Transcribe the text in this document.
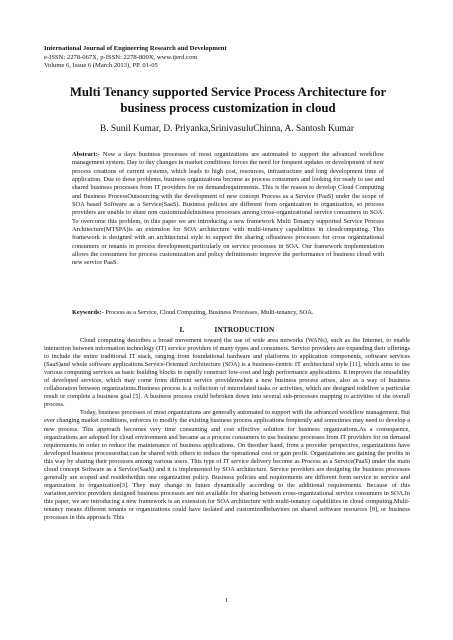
International Journal of Engineering Research and Development
e-ISSN: 2278-067X, p-ISSN: 2278-800X, www.ijerd.com
Volume 6, Issue 6 (March 2013), PP. 01-05
Multi Tenancy supported Service Process Architecture for business process customization in cloud
B. Sunil Kumar, D. Priyanka,SrinivasuluChinna, A. Santosh Kumar
Abstract:- Now a days business processes of most organizations are automated to support the advanced workflow management system. Day to day changes in market conditions forces the need for frequent updates or development of new process creations of current systems, which leads to high cost, resources, infrastructure and long development time of application. Due to these problems, business organizations become as process consumers and looking for ready to use and shared business processes from IT providers for on demandrequirements. This is the reason to develop Cloud Computing and Business ProcessOutsourcing with the development of new concept Process as a Service (PaaS) under the scope of SOA based Software as a Service(SaaS). Business policies are different from organization to organization, so process providers are unable to share non customizablebusiness processes among cross-organizational service consumers in SOA. To overcome this problem, in this paper we are introducing a new framework Multi Tenancy supported Service Process Architecture(MTSPA)is an extension for SOA architecture with multi-tenancy capabilities in cloudcomputing. This framework is designed with an architectural style to support the sharing ofbusiness processes for cross organizational consumers or tenants in process development,particularly on service processes in SOA. Our framework implementation allows the consumers for process customization and policy definitionsto improve the performance of business cloud with new service PaaS.
Keywords:- Process as a Service, Cloud Computing, Business Processes, Multi-tenancy, SOA.
I.	INTRODUCTION

Cloud computing describes a broad movement toward the use of wide area networks (WANs), such as the Internet, to enable interaction between information technology (IT) service providers of many types and consumers. Service providers are expanding their offerings to include the entire traditional IT stack, ranging from foundational hardware and platforms to application components, software services (SaaS)and whole software applications.Service-Oriented Architecture (SOA) is a business-centric IT architectural style [11], which aims to use various computing services as basic building blocks to rapidly construct low-cost and high performance applications. It improves the reusability of developed services, which may come from different service providerswhen a new business process arises, also as a way of business collaboration between organizations.Business process is a collection of interrelated tasks or activities, which are designed todeliver a particular result or complete a business goal [5]. A business process could bebroken down into several sub-processes mapping to activities of the overall process.

Today, business processes of most organizations are generally automated to support with the advanced workflow management. But ever changing market conditions, enforces to modify the existing business process applications frequently and sometimes may need to develop a new process. This approach becomes very time consuming and cost effective solution for business organizations.As a consequence, organizations are adopted for cloud environment and became as a process consumers to use business processes from IT providers for on demand requirements in order to reduce the maintenance of business applications. On theother hand, from a provider perspective, organizations have developed business processesthat can be shared with others to reduce the operational cost or gain profit. Organizations are gaining the profits in this way by sharing their processes among various users. This type of IT service delivery become as Process as a Service(PaaS) under the main cloud concept Software as a Service(SaaS) and it is implemented by SOA architecture. Service providers are designing the business processes generally are scoped and residedwithin one organization policy. Business policies and requirements are different form service to service and organization to organization[3]. They may change in future dynamically according to the additional requirements. Because of this variation,service providers designed business processes are not available for sharing between cross-organizational service consumers in SOA.In this paper, we are introducing a new framework is an extension for SOA architecture with multi-tenancy capabilities in cloud computing.Multi-tenancy means different tenants or organizations could have isolated and customizedbehaviors on shared software resources [9], or business processes in this approach. This

1
